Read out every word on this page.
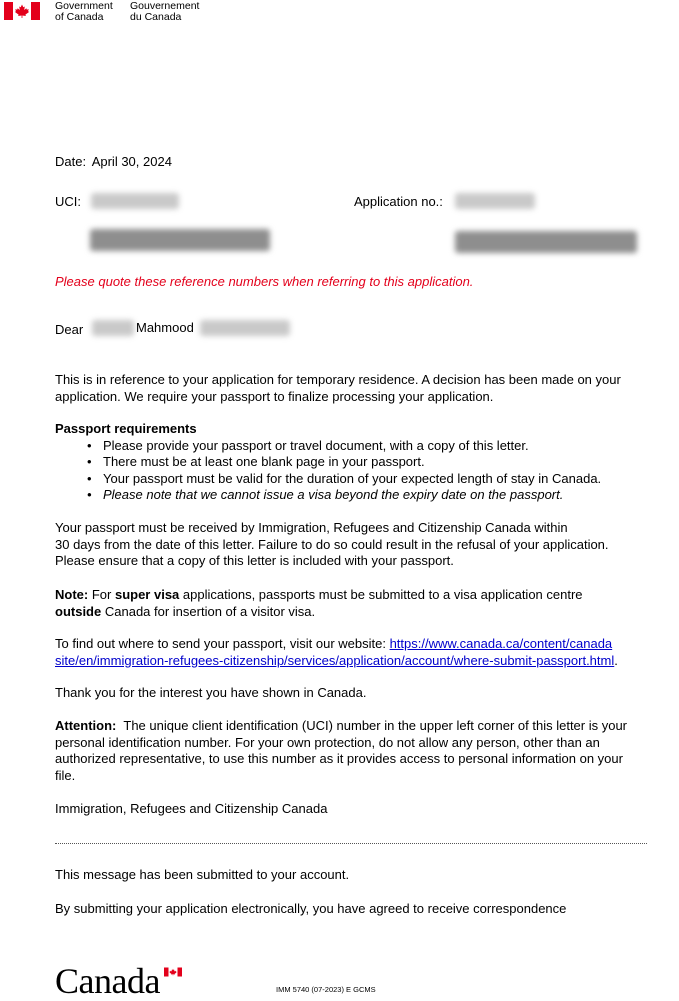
Government
of Canada
Gouvernement
du Canada
Date: April 30, 2024
UCI:	Application no.:

Please quote these reference numbers when referring to this application.

Dear	Mahmood

This is in reference to your application for temporary residence. A decision has been made on your application. We require your passport to finalize processing your application.

Passport requirements

• Please provide your passport or travel document, with a copy of this letter.
• There must be at least one blank page in your passport.
• Your passport must be valid for the duration of your expected length of stay in Canada.
• Please note that we cannot issue a visa beyond the expiry date on the passport.
Your passport must be received by Immigration, Refugees and Citizenship Canada within
30 days from the date of this letter. Failure to do so could result in the refusal of your application.
Please ensure that a copy of this letter is included with your passport.

Note: For super visa applications, passports must be submitted to a visa application centre outside Canada for insertion of a visitor visa.

To find out where to send your passport, visit our website: https://www.canada.ca/content/canada
site/en/immigration-refugees-citizenship/services/application/account/where-submit-passport.html.

Thank you for the interest you have shown in Canada.

Attention: The unique client identification (UCI) number in the upper left corner of this letter is your personal identification number. For your own protection, do not allow any person, other than an authorized representative, to use this number as it provides access to personal information on your file.

Immigration, Refugees and Citizenship Canada

This message has been submitted to your account.

By submitting your application electronically, you have agreed to receive correspondence

Canada	IMM 5740 (07-2023) E GCMS
